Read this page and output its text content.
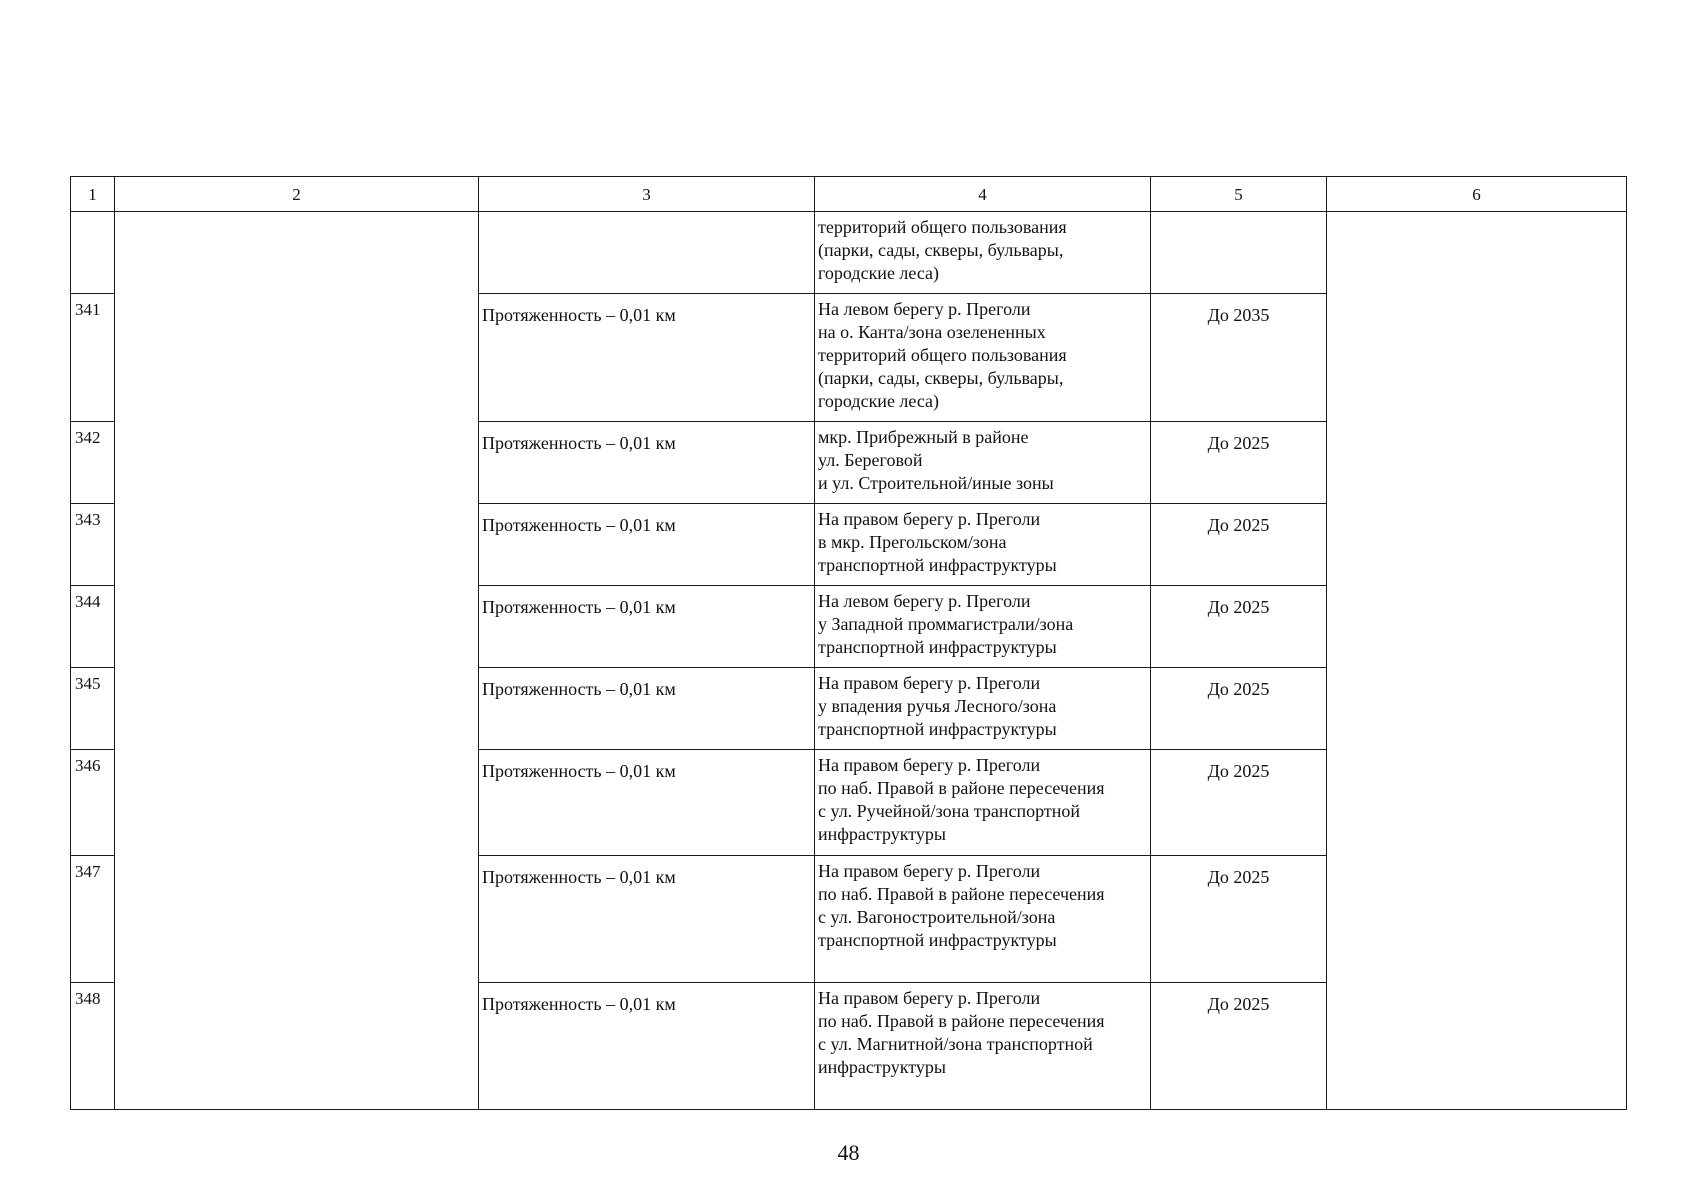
1	2	3	4	5	6
			территорий общего пользования
(парки, сады, скверы, бульвары,
городские леса)		
341		Протяженность – 0,01 км	На левом берегу р. Преголи
на о. Канта/зона озелененных
территорий общего пользования
(парки, сады, скверы, бульвары,
городские леса)	До 2035	
342		Протяженность – 0,01 км	мкр. Прибрежный в районе
ул. Береговой
и ул. Строительной/иные зоны	До 2025	
343		Протяженность – 0,01 км	На правом берегу р. Преголи
в мкр. Прегольском/зона
транспортной инфраструктуры	До 2025	
344		Протяженность – 0,01 км	На левом берегу р. Преголи
у Западной проммагистрали/зона
транспортной инфраструктуры	До 2025	
345		Протяженность – 0,01 км	На правом берегу р. Преголи
у впадения ручья Лесного/зона
транспортной инфраструктуры	До 2025	
346		Протяженность – 0,01 км	На правом берегу р. Преголи
по наб. Правой в районе пересечения
с ул. Ручейной/зона транспортной
инфраструктуры	До 2025	
347		Протяженность – 0,01 км	На правом берегу р. Преголи
по наб. Правой в районе пересечения
с ул. Вагоностроительной/зона
транспортной инфраструктуры	До 2025	
348		Протяженность – 0,01 км	На правом берегу р. Преголи
по наб. Правой в районе пересечения
с ул. Магнитной/зона транспортной
инфраструктуры	До 2025	
48
